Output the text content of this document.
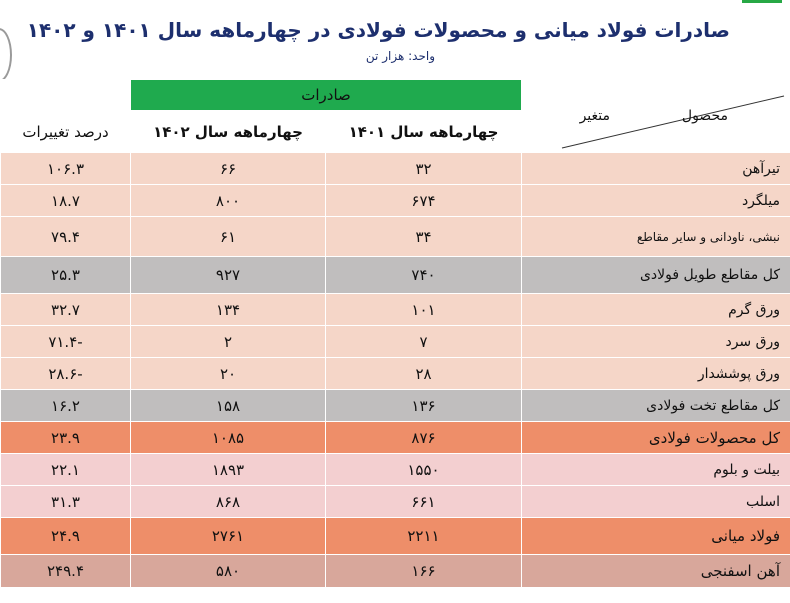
صادرات فولاد میانی و محصولات فولادی در چهارماهه سال ۱۴۰۱ و ۱۴۰۲
واحد: هزار تن
محصول
متغیر	صادرات		
	چهارماهه سال ۱۴۰۱	چهارماهه سال ۱۴۰۲	درصد تغییرات
تیرآهن	۳۲	۶۶	۱۰۶.۳
میلگرد	۶۷۴	۸۰۰	۱۸.۷
نبشی، ناودانی و سایر مقاطع	۳۴	۶۱	۷۹.۴
کل مقاطع طویل فولادی	۷۴۰	۹۲۷	۲۵.۳
ورق گرم	۱۰۱	۱۳۴	۳۲.۷
ورق سرد	۷	۲	-۷۱.۴
ورق پوششدار	۲۸	۲۰	-۲۸.۶
کل مقاطع تخت فولادی	۱۳۶	۱۵۸	۱۶.۲
کل محصولات فولادی	۸۷۶	۱۰۸۵	۲۳.۹
بیلت و بلوم	۱۵۵۰	۱۸۹۳	۲۲.۱
اسلب	۶۶۱	۸۶۸	۳۱.۳
فولاد میانی	۲۲۱۱	۲۷۶۱	۲۴.۹
آهن اسفنجی	۱۶۶	۵۸۰	۲۴۹.۴
